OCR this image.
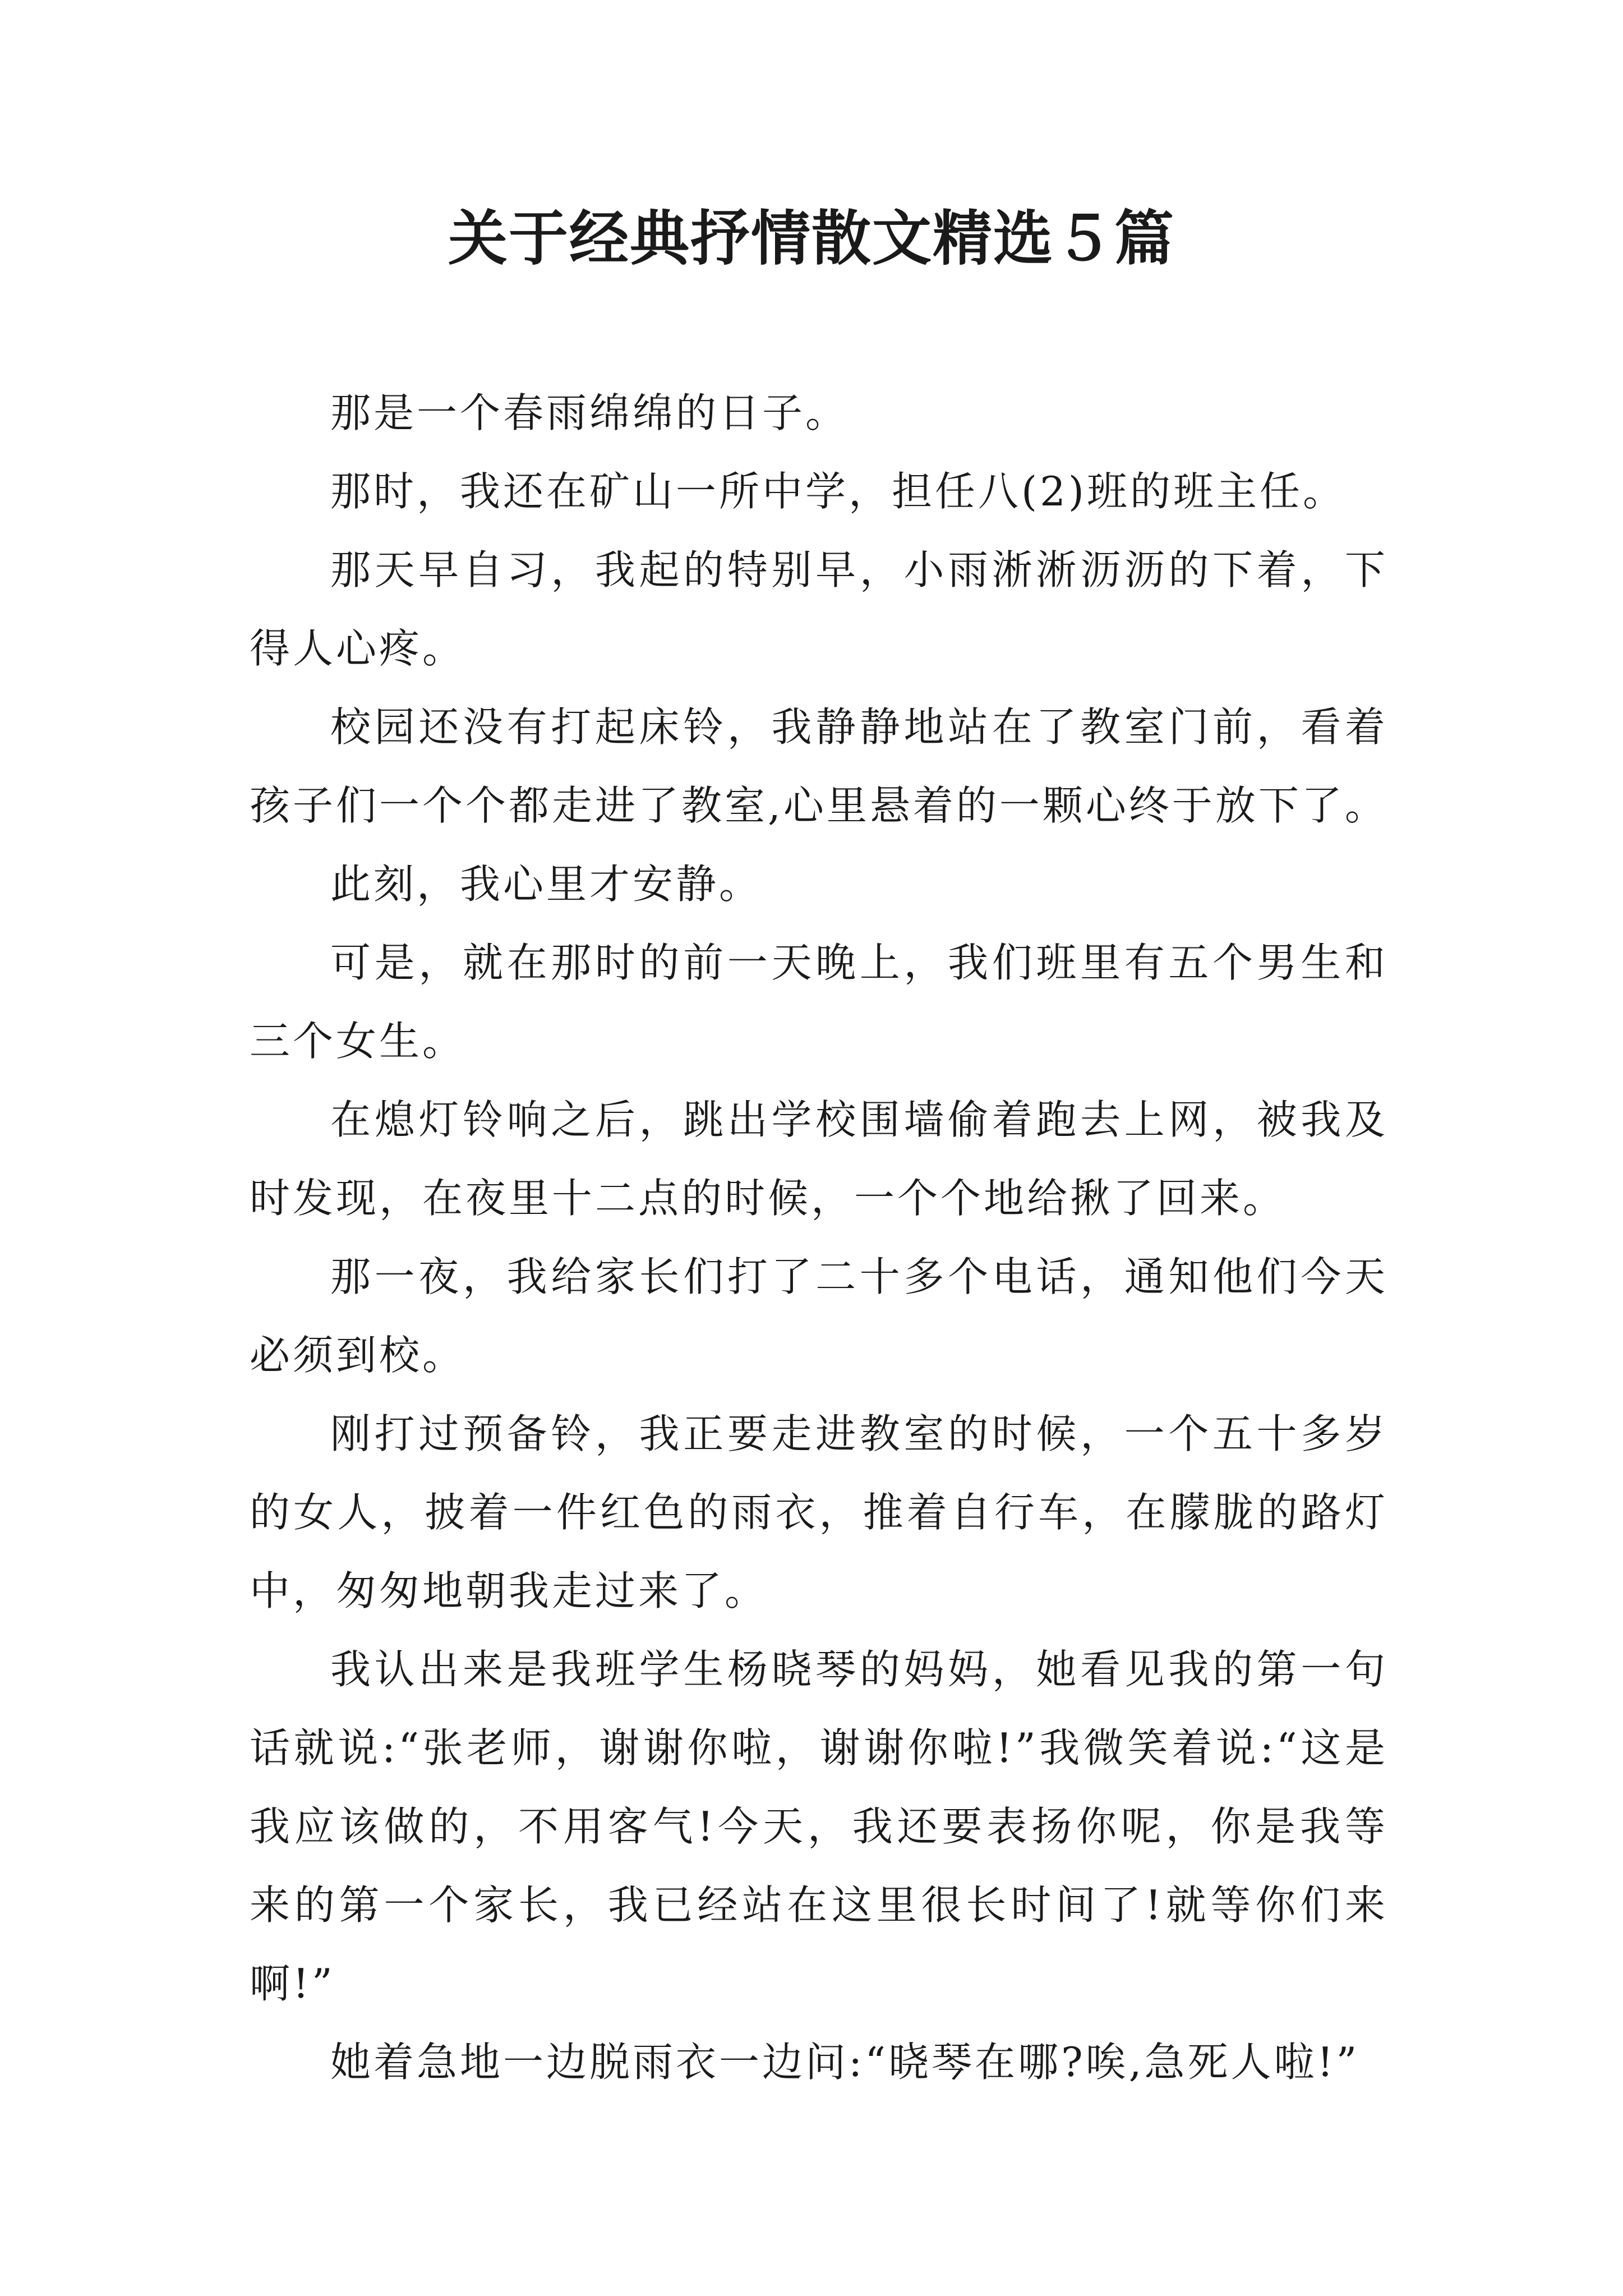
关于经典抒情散文精选５篇

那是一个春雨绵绵的日子。

那时，我还在矿山一所中学，担任八(2)班的班主任。

那天早自习，我起的特别早，小雨淅淅沥沥的下着，下得人心疼。

校园还没有打起床铃，我静静地站在了教室门前，看着孩子们一个个都走进了教室,心里悬着的一颗心终于放下了。

此刻，我心里才安静。

可是，就在那时的前一天晚上，我们班里有五个男生和三个女生。

在熄灯铃响之后，跳出学校围墙偷着跑去上网，被我及时发现，在夜里十二点的时候，一个个地给揪了回来。

那一夜，我给家长们打了二十多个电话，通知他们今天必须到校。

刚打过预备铃，我正要走进教室的时候，一个五十多岁的女人，披着一件红色的雨衣，推着自行车，在朦胧的路灯中，匆匆地朝我走过来了。

我认出来是我班学生杨晓琴的妈妈，她看见我的第一句话就说:“张老师，谢谢你啦，谢谢你啦!”我微笑着说:“这是我应该做的，不用客气!今天，我还要表扬你呢，你是我等来的第一个家长，我已经站在这里很长时间了!就等你们来啊!”

她着急地一边脱雨衣一边问:“晓琴在哪?唉,急死人啦!”
